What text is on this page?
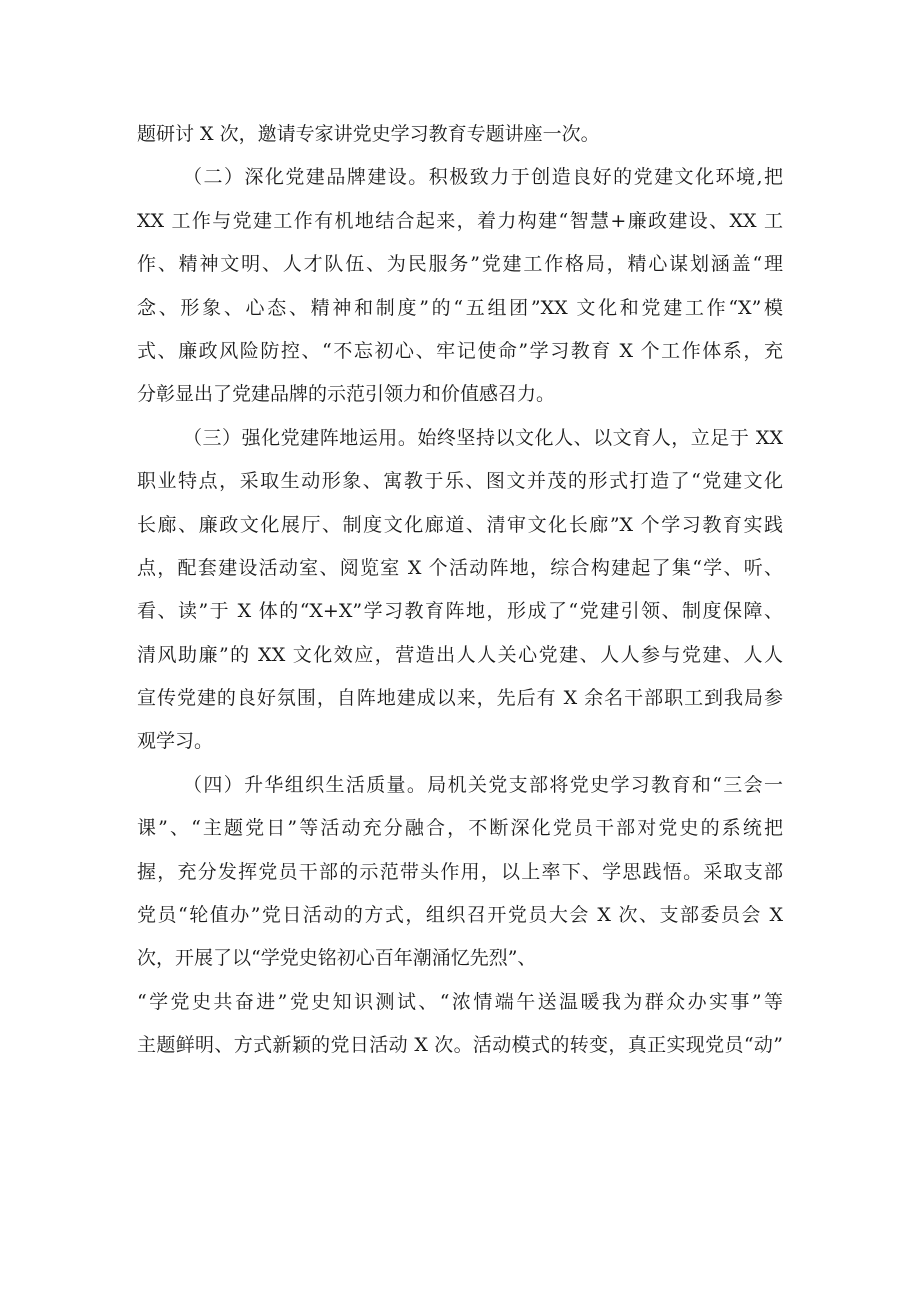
题研讨 X 次，邀请专家讲党史学习教育专题讲座一次。
（二）深化党建品牌建设。积极致力于创造良好的党建文化环境,把
XX 工作与党建工作有机地结合起来，着力构建“智慧+廉政建设、XX 工
作、精神文明、人才队伍、为民服务”党建工作格局，精心谋划涵盖“理
念、形象、心态、精神和制度”的“五组团”XX 文化和党建工作“X”模
式、廉政风险防控、“不忘初心、牢记使命”学习教育 X 个工作体系，充
分彰显出了党建品牌的示范引领力和价值感召力。
（三）强化党建阵地运用。始终坚持以文化人、以文育人，立足于 XX
职业特点，采取生动形象、寓教于乐、图文并茂的形式打造了“党建文化
长廊、廉政文化展厅、制度文化廊道、清审文化长廊”X 个学习教育实践
点，配套建设活动室、阅览室 X 个活动阵地，综合构建起了集“学、听、
看、读”于 X 体的“X+X”学习教育阵地，形成了“党建引领、制度保障、
清风助廉”的 XX 文化效应，营造出人人关心党建、人人参与党建、人人
宣传党建的良好氛围，自阵地建成以来，先后有 X 余名干部职工到我局参
观学习。
（四）升华组织生活质量。局机关党支部将党史学习教育和“三会一
课”、“主题党日”等活动充分融合，不断深化党员干部对党史的系统把
握，充分发挥党员干部的示范带头作用，以上率下、学思践悟。采取支部
党员“轮值办”党日活动的方式，组织召开党员大会 X 次、支部委员会 X
次，开展了以“学党史铭初心百年潮涌忆先烈”、
“学党史共奋进”党史知识测试、“浓情端午送温暖我为群众办实事”等
主题鲜明、方式新颖的党日活动 X 次。活动模式的转变，真正实现党员“动”
